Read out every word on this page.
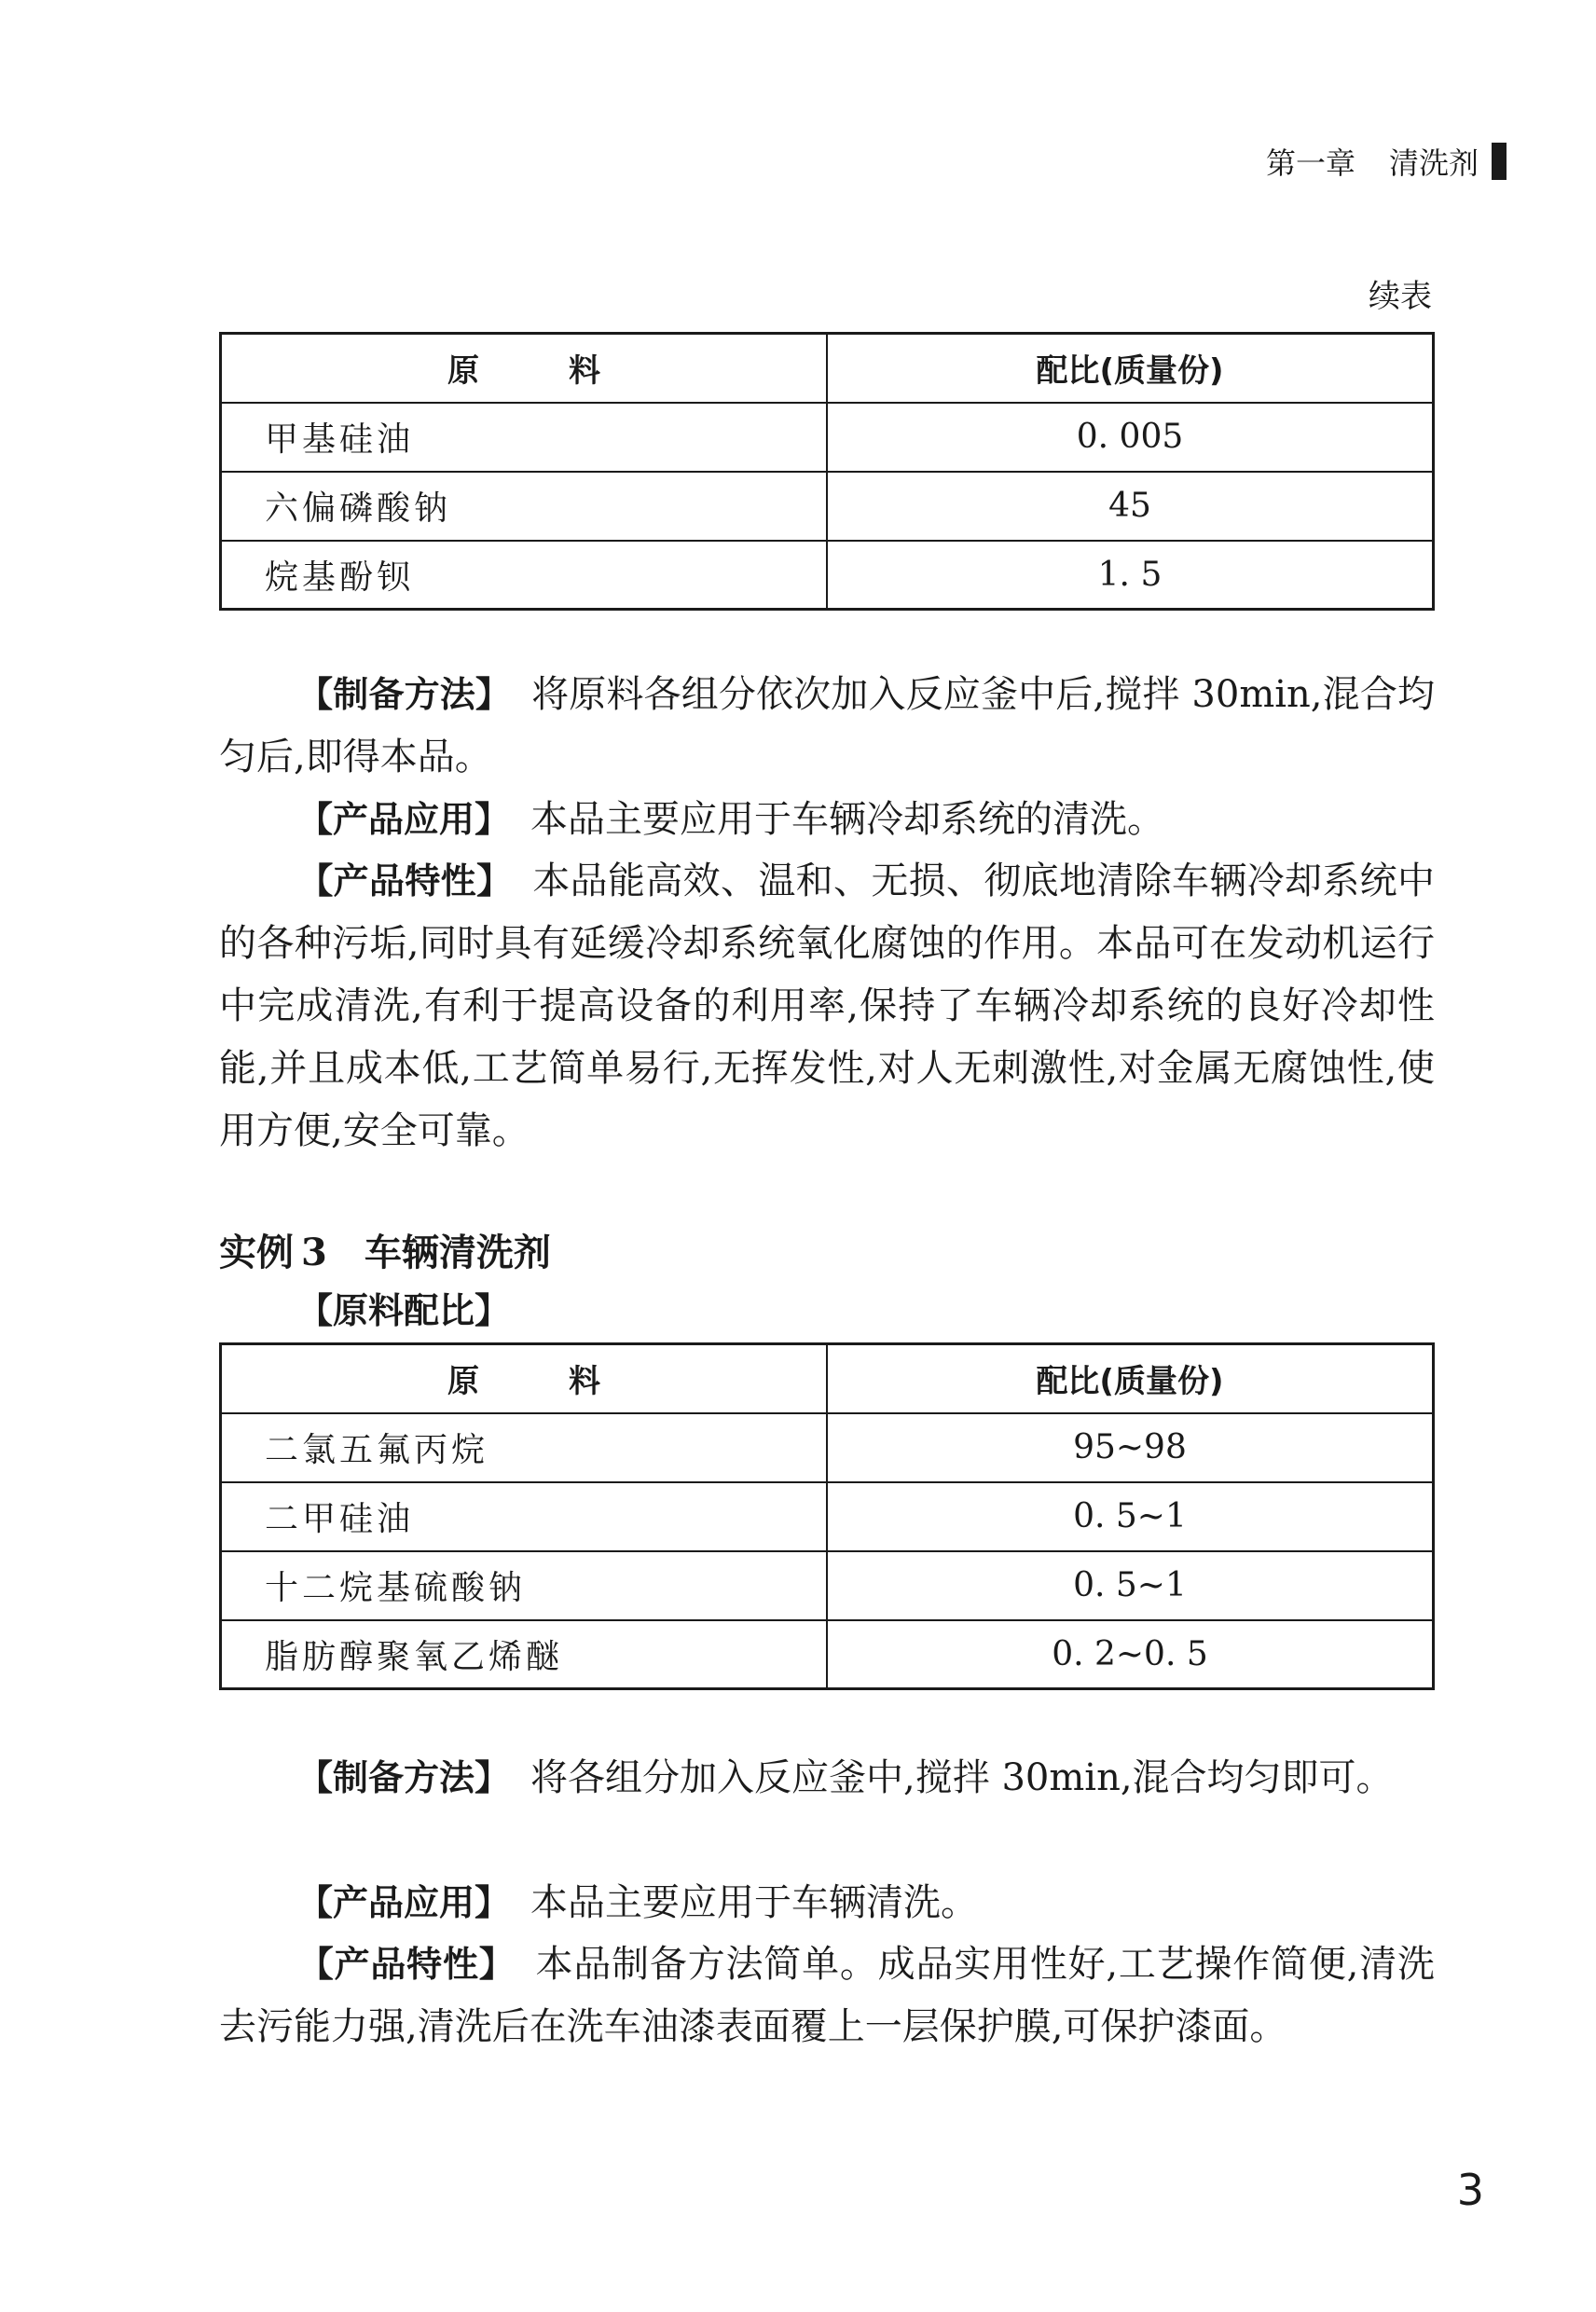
第一章 清洗剂
续表
原 料	配比(质量份)
甲基硅油	0. 005
六偏磷酸钠	45
烷基酚钡	1. 5
【制备方法】 将原料各组分依次加入反应釜中后,搅拌 30min,混合均匀后,即得本品。
【产品应用】 本品主要应用于车辆冷却系统的清洗。
【产品特性】 本品能高效、温和、无损、彻底地清除车辆冷却系统中的各种污垢,同时具有延缓冷却系统氧化腐蚀的作用。本品可在发动机运行中完成清洗,有利于提高设备的利用率,保持了车辆冷却系统的良好冷却性能,并且成本低,工艺简单易行,无挥发性,对人无刺激性,对金属无腐蚀性,使用方便,安全可靠。
实例 3 车辆清洗剂
【原料配比】
原 料	配比(质量份)
二氯五氟丙烷	95~98
二甲硅油	0. 5~1
十二烷基硫酸钠	0. 5~1
脂肪醇聚氧乙烯醚	0. 2~0. 5
【制备方法】 将各组分加入反应釜中,搅拌 30min,混合均匀即可。
【产品应用】 本品主要应用于车辆清洗。
【产品特性】 本品制备方法简单。成品实用性好,工艺操作简便,清洗去污能力强,清洗后在洗车油漆表面覆上一层保护膜,可保护漆面。
3
